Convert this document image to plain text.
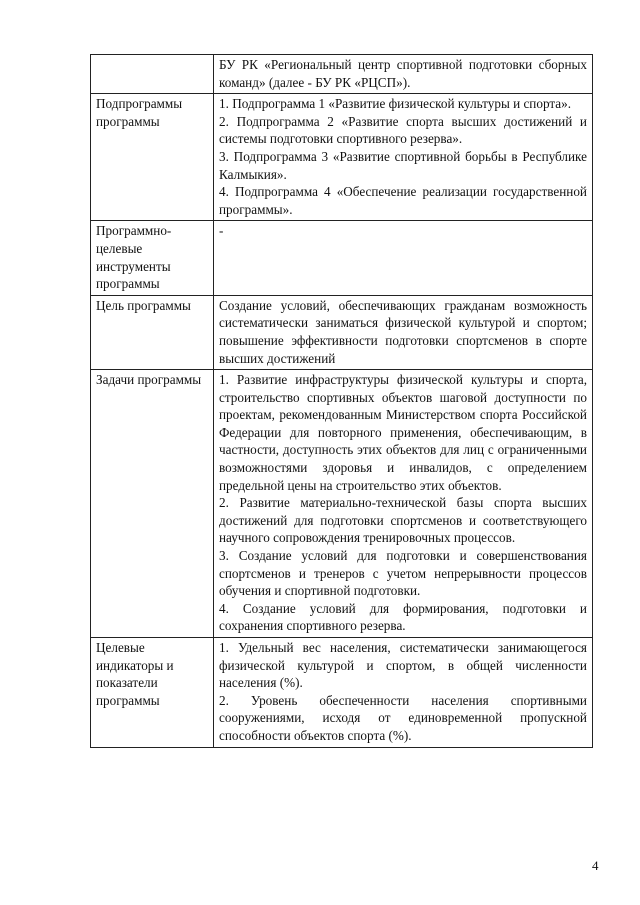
	БУ РК «Региональный центр спортивной подготовки сборных команд» (далее - БУ РК «РЦСП»).

Подпрограммы программы	1. Подпрограмма 1 «Развитие физической культуры и спорта».
2. Подпрограмма 2 «Развитие спорта высших достижений и системы подготовки спортивного резерва».
3. Подпрограмма 3 «Развитие спортивной борьбы в Республике Калмыкия».
4. Подпрограмма 4 «Обеспечение реализации государственной программы».

Программно-целевые инструменты программы	-

Цель программы	Создание условий, обеспечивающих гражданам возможность систематически заниматься физической культурой и спортом; повышение эффективности подготовки спортсменов в спорте высших достижений

Задачи программы	1. Развитие инфраструктуры физической культуры и спорта, строительство спортивных объектов шаговой доступности по проектам, рекомендованным Министерством спорта Российской Федерации для повторного применения, обеспечивающим, в частности, доступность этих объектов для лиц с ограниченными возможностями здоровья и инвалидов, с определением предельной цены на строительство этих объектов.
2. Развитие материально-технической базы спорта высших достижений для подготовки спортсменов и соответствующего научного сопровождения тренировочных процессов.
3. Создание условий для подготовки и совершенствования спортсменов и тренеров с учетом непрерывности процессов обучения и спортивной подготовки.
4. Создание условий для формирования, подготовки и сохранения спортивного резерва.

Целевые индикаторы и показатели программы	1. Удельный вес населения, систематически занимающегося физической культурой и спортом, в общей численности населения (%).
2. Уровень обеспеченности населения спортивными сооружениями, исходя от единовременной пропускной способности объектов спорта (%).
4
